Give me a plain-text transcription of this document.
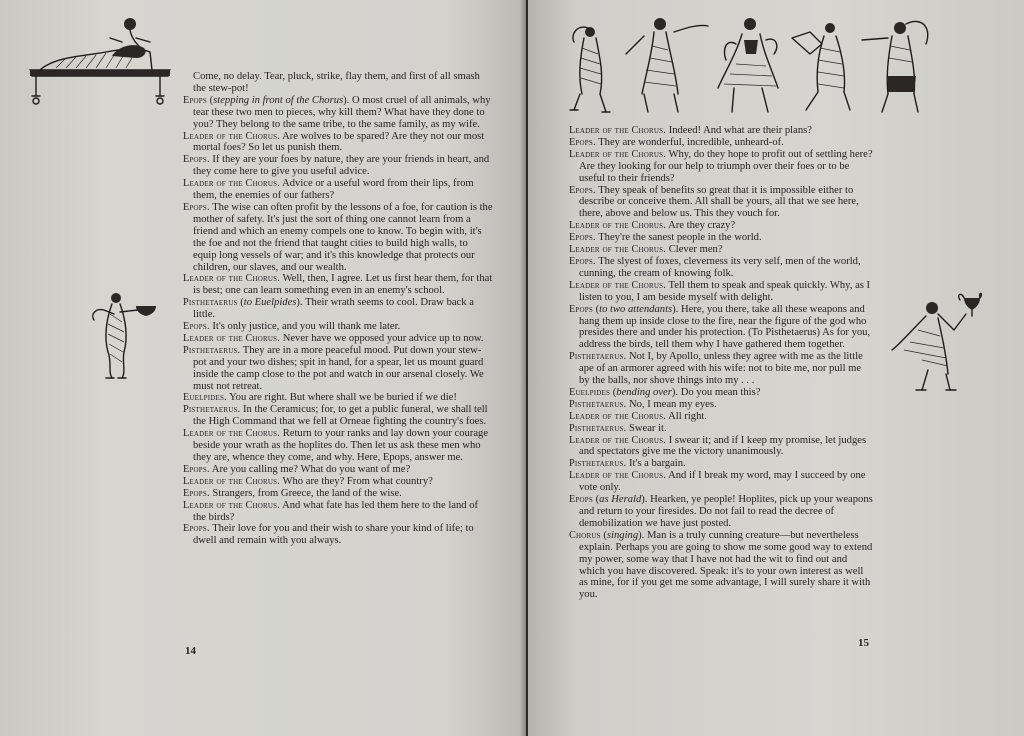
Come, no delay. Tear, pluck, strike, flay them, and first of all smash the stew-pot!

Epops (stepping in front of the Chorus). O most cruel of all animals, why tear these two men to pieces, why kill them? What have they done to you? They belong to the same tribe, to the same family, as my wife.

Leader of the Chorus. Are wolves to be spared? Are they not our most mortal foes? So let us punish them.

Epops. If they are your foes by nature, they are your friends in heart, and they come here to give you useful advice.

Leader of the Chorus. Advice or a useful word from their lips, from them, the enemies of our fathers?

Epops. The wise can often profit by the lessons of a foe, for caution is the mother of safety. It's just the sort of thing one cannot learn from a friend and which an enemy compels one to know. To begin with, it's the foe and not the friend that taught cities to build high walls, to equip long vessels of war; and it's this knowledge that protects our children, our slaves, and our wealth.

Leader of the Chorus. Well, then, I agree. Let us first hear them, for that is best; one can learn something even in an enemy's school.

Pisthetaerus (to Euelpides). Their wrath seems to cool. Draw back a little.

Epops. It's only justice, and you will thank me later.

Leader of the Chorus. Never have we opposed your advice up to now.

Pisthetaerus. They are in a more peaceful mood. Put down your stew-pot and your two dishes; spit in hand, for a spear, let us mount guard inside the camp close to the pot and watch in our arsenal closely. We must not retreat.

Euelpides. You are right. But where shall we be buried if we die!

Pisthetaerus. In the Ceramicus; for, to get a public funeral, we shall tell the High Command that we fell at Orneae fighting the country's foes.

Leader of the Chorus. Return to your ranks and lay down your courage beside your wrath as the hoplites do. Then let us ask these men who they are, whence they come, and why. Here, Epops, answer me.

Epops. Are you calling me? What do you want of me?

Leader of the Chorus. Who are they? From what country?

Epops. Strangers, from Greece, the land of the wise.

Leader of the Chorus. And what fate has led them here to the land of the birds?

Epops. Their love for you and their wish to share your kind of life; to dwell and remain with you always.

14
15

Leader of the Chorus. Indeed! And what are their plans?

Epops. They are wonderful, incredible, unheard-of.

Leader of the Chorus. Why, do they hope to profit out of settling here? Are they looking for our help to triumph over their foes or to be useful to their friends?

Epops. They speak of benefits so great that it is impossible either to describe or conceive them. All shall be yours, all that we see here, there, above and below us. This they vouch for.

Leader of the Chorus. Are they crazy?

Epops. They're the sanest people in the world.

Leader of the Chorus. Clever men?

Epops. The slyest of foxes, cleverness its very self, men of the world, cunning, the cream of knowing folk.

Leader of the Chorus. Tell them to speak and speak quickly. Why, as I listen to you, I am beside myself with delight.

Epops (to two attendants). Here, you there, take all these weapons and hang them up inside close to the fire, near the figure of the god who presides there and under his protection. (To Pisthetaerus) As for you, address the birds, tell them why I have gathered them together.

Pisthetaerus. Not I, by Apollo, unless they agree with me as the little ape of an armorer agreed with his wife: not to bite me, nor pull me by the balls, nor shove things into my . . .

Euelpides (bending over). Do you mean this?

Pisthetaerus. No, I mean my eyes.

Leader of the Chorus. All right.

Pisthetaerus. Swear it.

Leader of the Chorus. I swear it; and if I keep my promise, let judges and spectators give me the victory unanimously.

Pisthetaerus. It's a bargain.

Leader of the Chorus. And if I break my word, may I succeed by one vote only.

Epops (as Herald). Hearken, ye people! Hoplites, pick up your weapons and return to your firesides. Do not fail to read the decree of demobilization we have just posted.

Chorus (singing). Man is a truly cunning creature—but nevertheless explain. Perhaps you are going to show me some good way to extend my power, some way that I have not had the wit to find out and which you have discovered. Speak: it's to your own interest as well as mine, for if you get me some advantage, I will surely share it with you.
